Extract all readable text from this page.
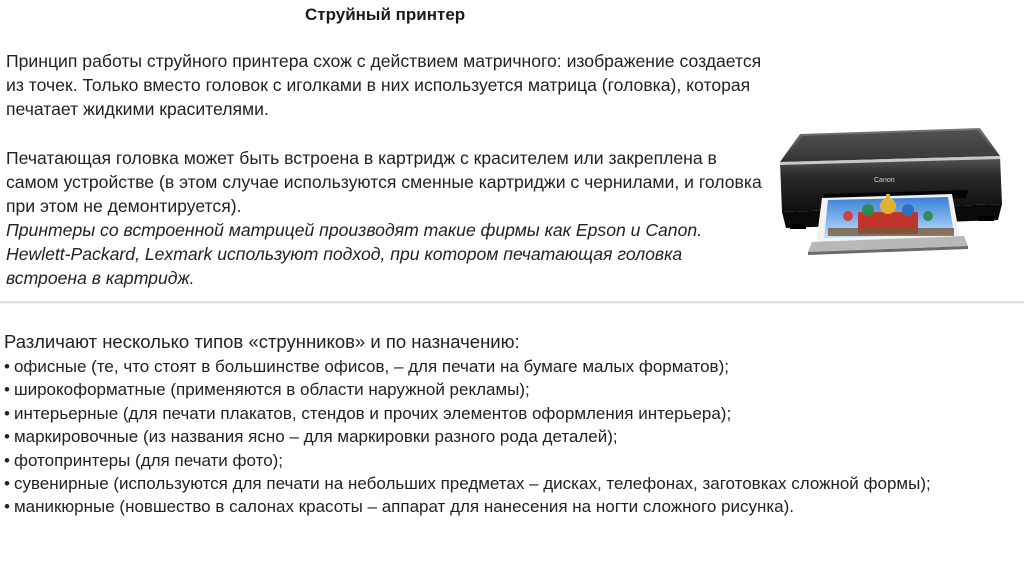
Струйный принтер

Принцип работы струйного принтера схож с действием матричного: изображение создается из точек. Только вместо головок с иголками в них используется матрица (головка), которая печатает жидкими красителями.

Печатающая головка может быть встроена в картридж с красителем или закреплена в самом устройстве (в этом случае используются сменные картриджи с чернилами, и головка при этом не демонтируется).

Принтеры со встроенной матрицей производят такие фирмы как Epson и Canon. Hewlett-Packard, Lexmark используют подход, при котором печатающая головка встроена в картридж.

Canon

Различают несколько типов «струнников» и по назначению:

• офисные (те, что стоят в большинстве офисов, – для печати на бумаге малых форматов);
• широкоформатные (применяются в области наружной рекламы);
• интерьерные (для печати плакатов, стендов и прочих элементов оформления интерьера);
• маркировочные (из названия ясно – для маркировки разного рода деталей);
• фотопринтеры (для печати фото);
• сувенирные (используются для печати на небольших предметах – дисках, телефонах, заготовках сложной формы);
• маникюрные (новшество в салонах красоты – аппарат для нанесения на ногти сложного рисунка).
